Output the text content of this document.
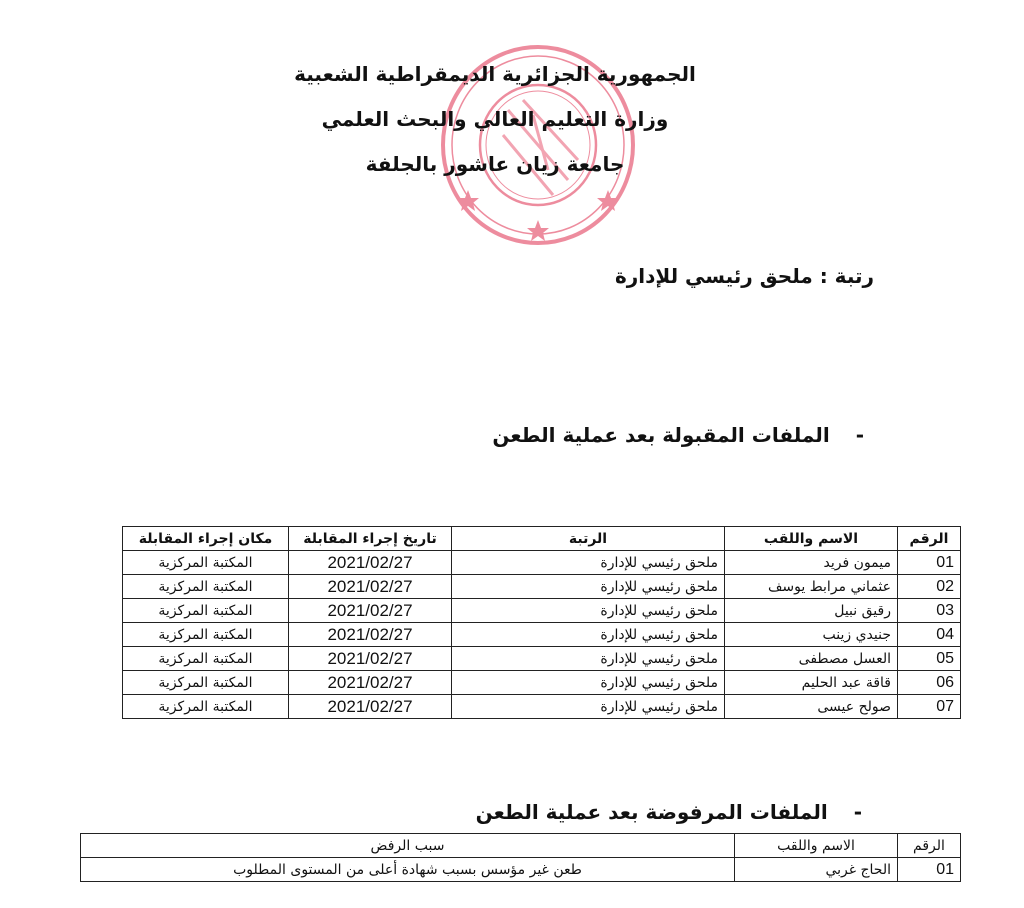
الجمهورية الجزائرية الديمقراطية الشعبية
وزارة التعليم العالي والبحث العلمي
جامعة زيان عاشور بالجلفة
رتبة : ملحق رئيسي للإدارة
-الملفات المقبولة بعد عملية الطعن
الرقم	الاسم واللقب	الرتبة	تاريخ إجراء المقابلة	مكان إجراء المقابلة
01	ميمون فريد	ملحق رئيسي للإدارة	2021/02/27	المكتبة المركزية
02	عثماني مرابط يوسف	ملحق رئيسي للإدارة	2021/02/27	المكتبة المركزية
03	رقيق نبيل	ملحق رئيسي للإدارة	2021/02/27	المكتبة المركزية
04	جنيدي زينب	ملحق رئيسي للإدارة	2021/02/27	المكتبة المركزية
05	العسل مصطفى	ملحق رئيسي للإدارة	2021/02/27	المكتبة المركزية
06	قاقة عبد الحليم	ملحق رئيسي للإدارة	2021/02/27	المكتبة المركزية
07	صولح عيسى	ملحق رئيسي للإدارة	2021/02/27	المكتبة المركزية
-الملفات المرفوضة بعد عملية الطعن
الرقم	الاسم واللقب	سبب الرفض
01	الحاج غربي	طعن غير مؤسس بسبب شهادة أعلى من المستوى المطلوب
